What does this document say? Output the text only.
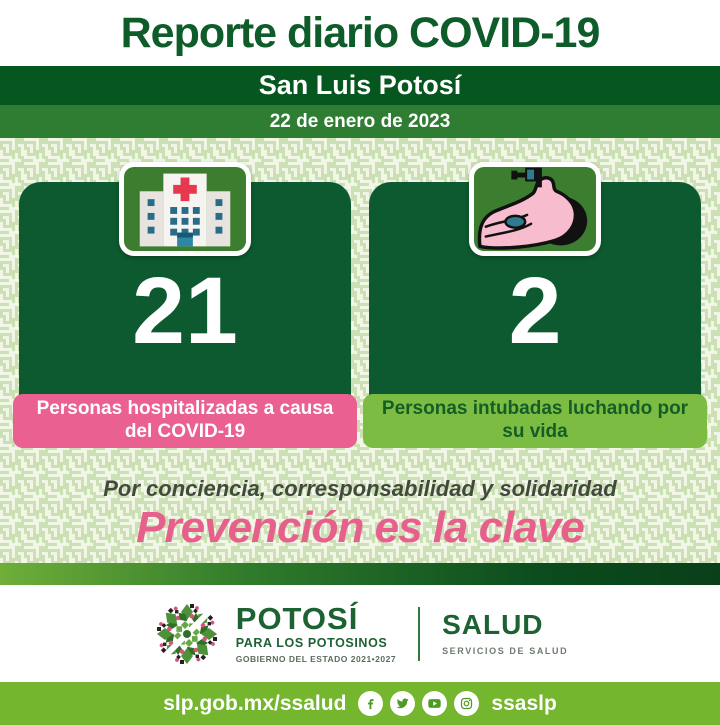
Reporte diario COVID-19
San Luis Potosí
22 de enero de 2023
21
Personas hospitalizadas a causa del COVID-19
2
Personas intubadas luchando por su vida

Por conciencia, corresponsabilidad y solidaridad

Prevención es la clave

POTOSÍ
PARA LOS POTOSINOS
GOBIERNO DEL ESTADO 2021•2027
SALUD
SERVICIOS DE SALUD
slp.gob.mx/ssalud	ssaslp
